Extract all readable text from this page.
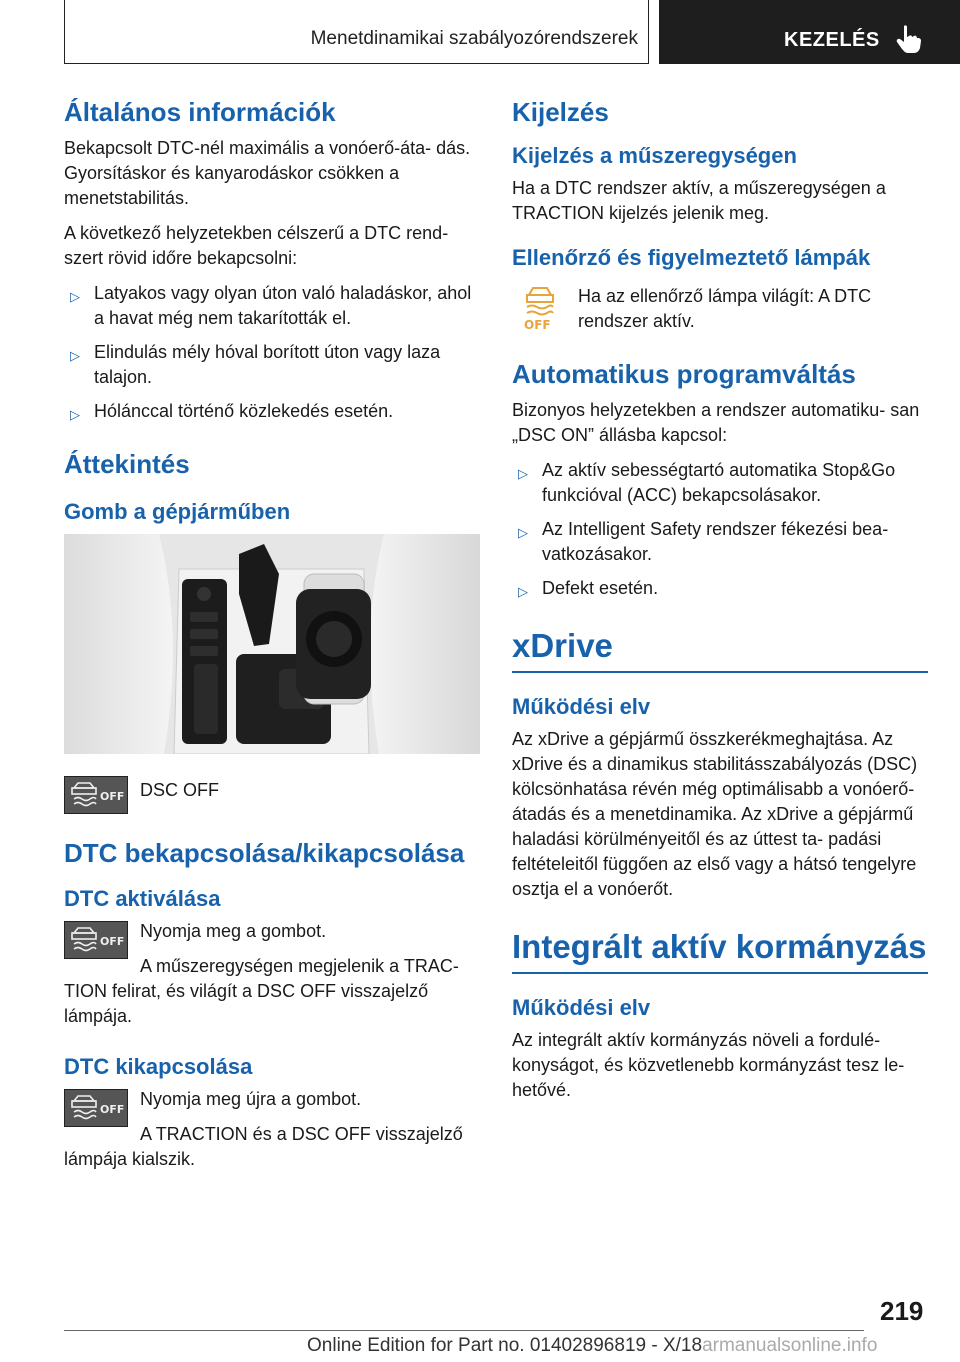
Menetdinamikai szabályozórendszerek	KEZELÉS
Általános információk

Bekapcsolt DTC-nél maximális a vonóerő-áta- dás. Gyorsításkor és kanyarodáskor csökken a menetstabilitás.

A következő helyzetekben célszerű a DTC rend- szert rövid időre bekapcsolni:

▷ Latyakos vagy olyan úton való haladáskor, ahol a havat még nem takarították el.
▷ Elindulás mély hóval borított úton vagy laza talajon.
▷ Hólánccal történő közlekedés esetén.
Áttekintés
Gomb a gépjárműben
OFF DSC OFF

DTC bekapcsolása/kikapcsolása
DTC aktiválása
OFF

Nyomja meg a gombot.

A műszeregységen megjelenik a TRAC- TION felirat, és világít a DSC OFF visszajelző lámpája.

DTC kikapcsolása
OFF

Nyomja meg újra a gombot.

A TRACTION és a DSC OFF visszajelző lámpája kialszik.

Kijelzés
Kijelzés a műszeregységen

Ha a DTC rendszer aktív, a műszeregységen a TRACTION kijelzés jelenik meg.

Ellenőrző és figyelmeztető lámpák
OFF

Ha az ellenőrző lámpa világít: A DTC rendszer aktív.

Automatikus programváltás

Bizonyos helyzetekben a rendszer automatiku- san „DSC ON” állásba kapcsol:

▷ Az aktív sebességtartó automatika Stop&Go funkcióval (ACC) bekapcsolásakor.
▷ Az Intelligent Safety rendszer fékezési bea- vatkozásakor.
▷ Defekt esetén.
xDrive
Működési elv

Az xDrive a gépjármű összkerékmeghajtása. Az xDrive és a dinamikus stabilitásszabályozás (DSC) kölcsönhatása révén még optimálisabb a vonóerő-átadás és a menetdinamika. Az xDrive a gépjármű haladási körülményeitől és az úttest ta- padási feltételeitől függően az első vagy a hátsó tengelyre osztja el a vonóerőt.

Integrált aktív kormányzás
Működési elv

Az integrált aktív kormányzás növeli a fordulé- konyságot, és közvetlenebb kormányzást tesz le- hetővé.

219
Online Edition for Part no. 01402896819 - X/18armanualsonline.info
